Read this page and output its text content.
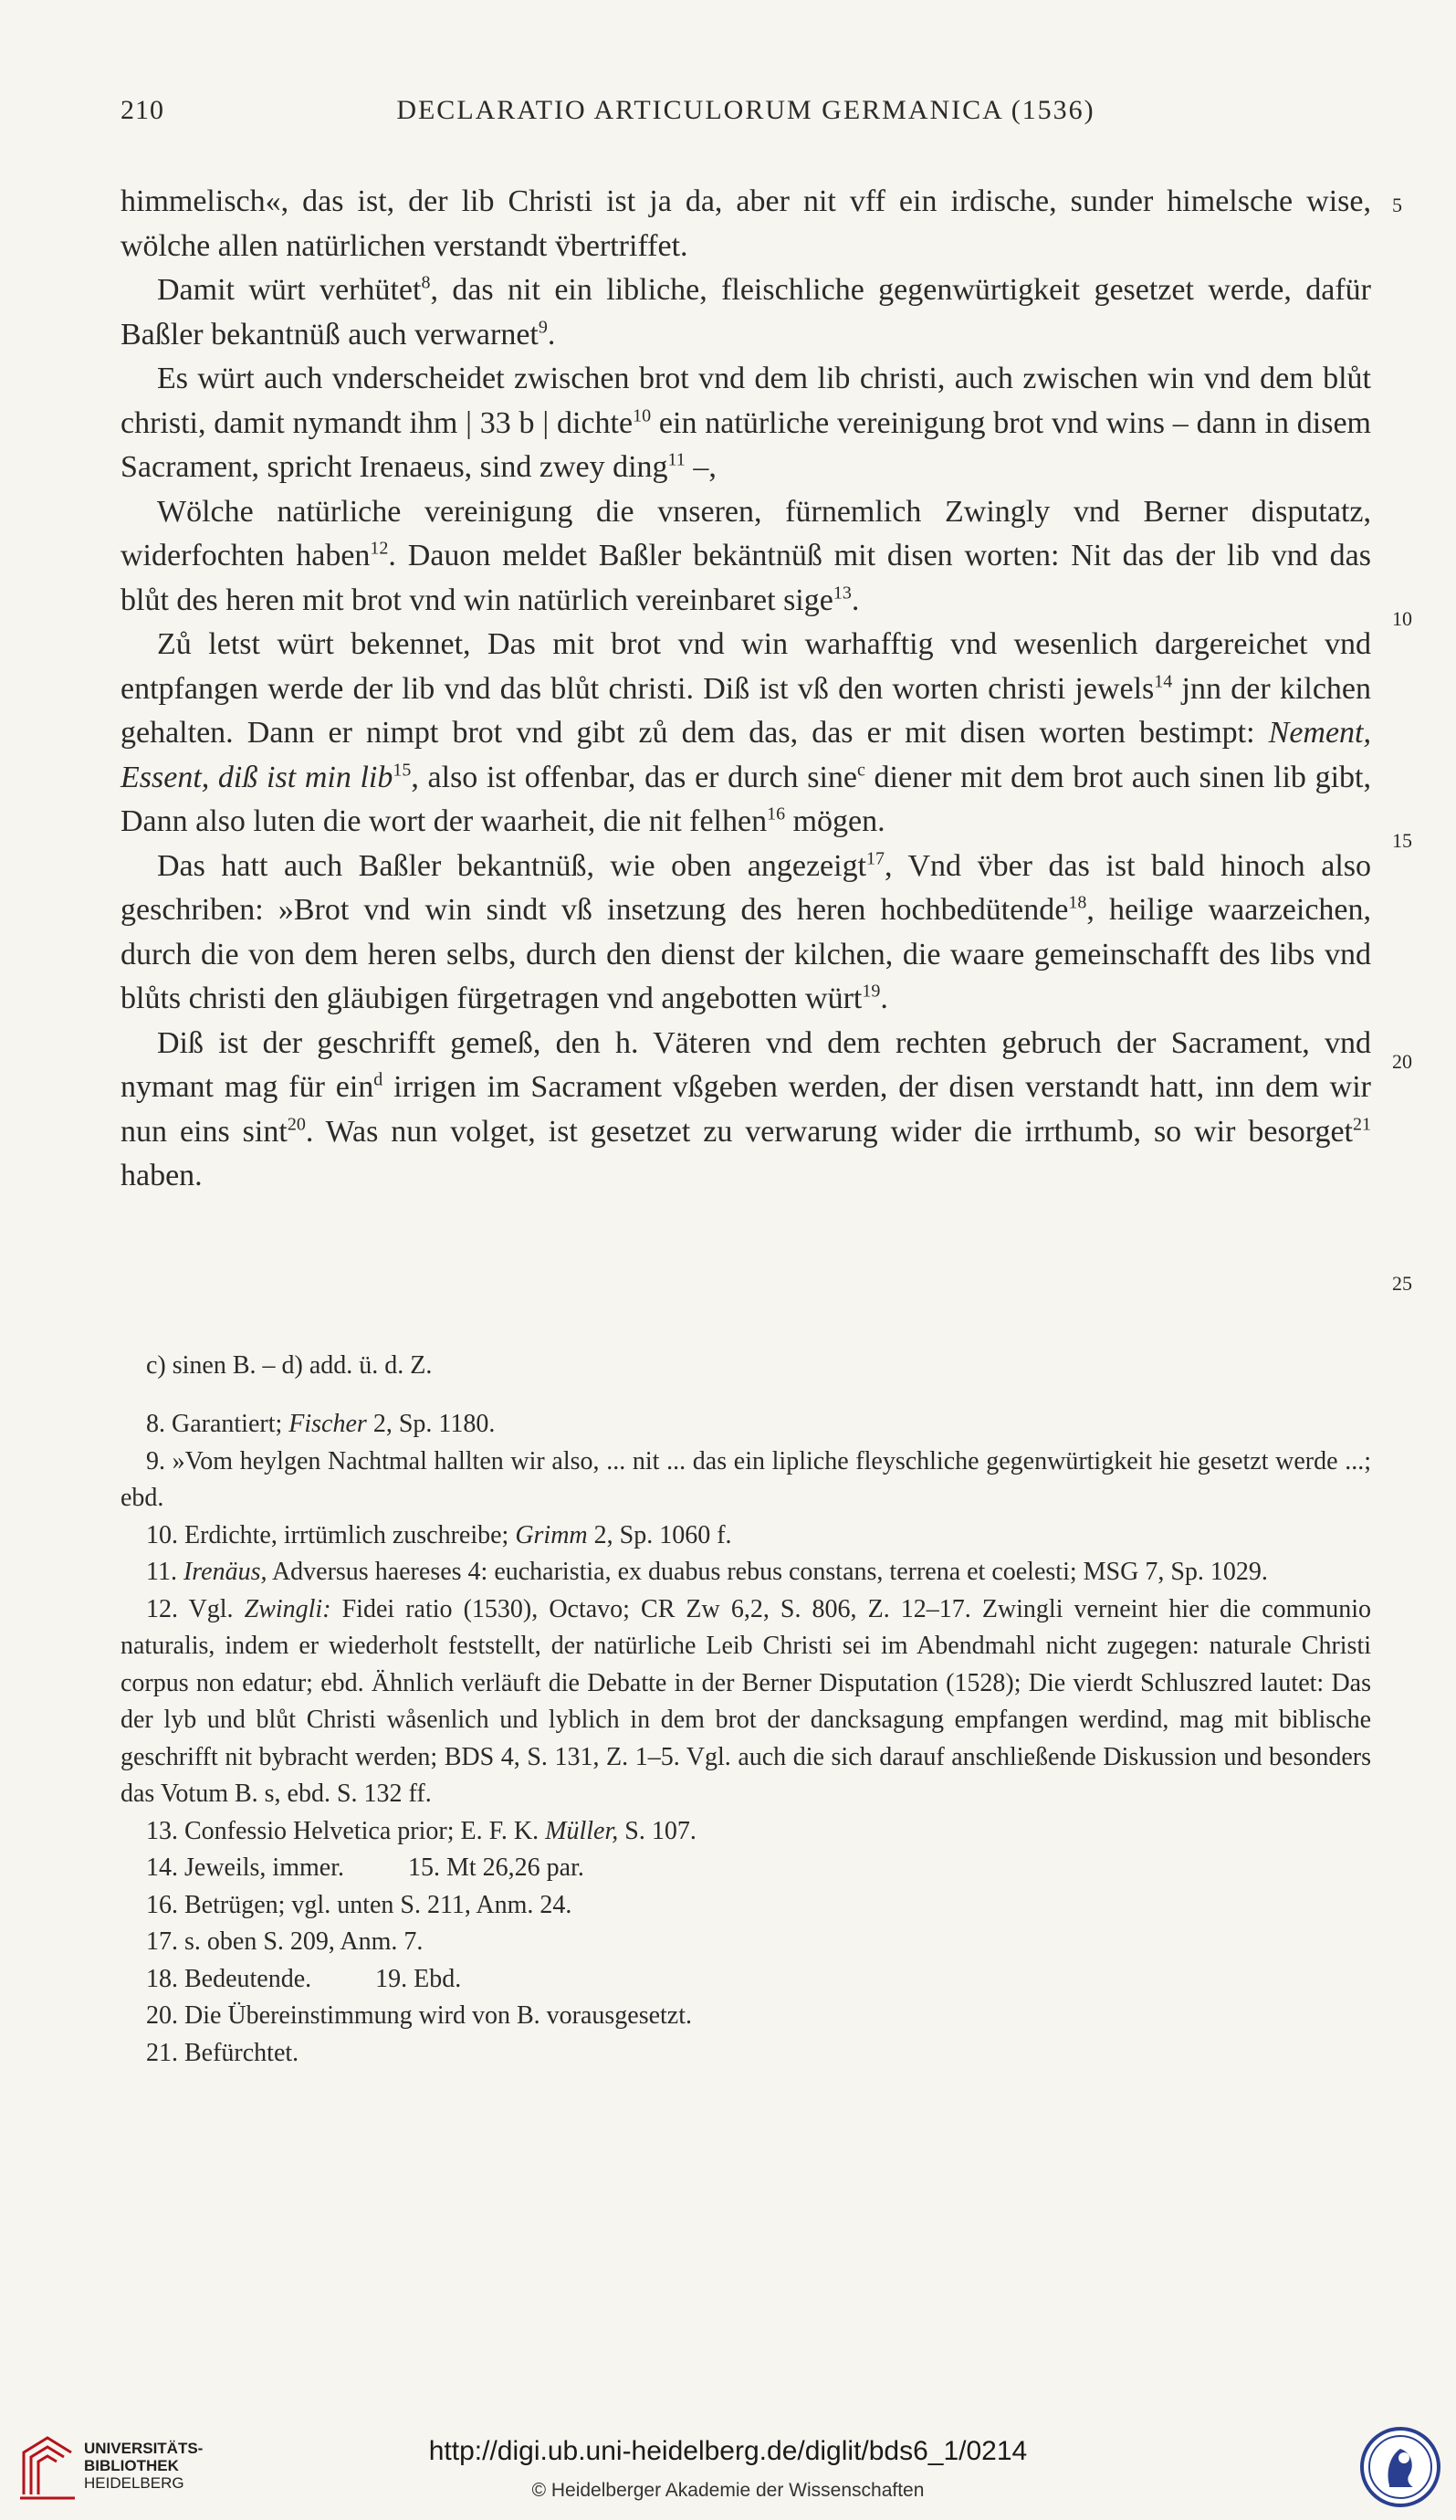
210	DECLARATIO ARTICULORUM GERMANICA (1536)
5
10
15
20
25

himmelisch«, das ist, der lib Christi ist ja da, aber nit vff ein irdische, sunder himelsche wise, wölche allen natürlichen verstandt v̈bertriffet.

Damit würt verhütet$^8$, das nit ein libliche, fleischliche gegenwürtigkeit gesetzet werde, dafür Baßler bekantnüß auch verwarnet$^9$.

Es würt auch vnderscheidet zwischen brot vnd dem lib christi, auch zwischen win vnd dem blůt christi, damit nymandt ihm | 33 b | dichte$^{10}$ ein natürliche vereinigung brot vnd wins – dann in disem Sacrament, spricht Irenaeus, sind zwey ding$^{11}$ –,

Wölche natürliche vereinigung die vnseren, fürnemlich Zwingly vnd Berner disputatz, widerfochten haben$^{12}$. Dauon meldet Baßler bekäntnüß mit disen worten: Nit das der lib vnd das blůt des heren mit brot vnd win natürlich vereinbaret sige$^{13}$.

Zů letst würt bekennet, Das mit brot vnd win warhafftig vnd wesenlich dargereichet vnd entpfangen werde der lib vnd das blůt christi. Diß ist vß den worten christi jewels$^{14}$ jnn der kilchen gehalten. Dann er nimpt brot vnd gibt zů dem das, das er mit disen worten bestimpt: Nement, Essent, diß ist min lib$^{15}$, also ist offenbar, das er durch sine$^c$ diener mit dem brot auch sinen lib gibt, Dann also luten die wort der waarheit, die nit felhen$^{16}$ mögen.

Das hatt auch Baßler bekantnüß, wie oben angezeigt$^{17}$, Vnd v̈ber das ist bald hinoch also geschriben: »Brot vnd win sindt vß insetzung des heren hochbedütende$^{18}$, heilige waarzeichen, durch die von dem heren selbs, durch den dienst der kilchen, die waare gemeinschafft des libs vnd blůts christi den gläubigen fürgetragen vnd angebotten würt$^{19}$.

Diß ist der geschrifft gemeß, den h. Väteren vnd dem rechten gebruch der Sacrament, vnd nymant mag für ein$^d$ irrigen im Sacrament vßgeben werden, der disen verstandt hatt, inn dem wir nun eins sint$^{20}$. Was nun volget, ist gesetzet zu verwarung wider die irrthumb, so wir besorget$^{21}$ haben.

c) sinen B. – d) add. ü. d. Z.

8. Garantiert; Fischer 2, Sp. 1180.

9. »Vom heylgen Nachtmal hallten wir also, ... nit ... das ein lipliche fleyschliche gegenwürtigkeit hie gesetzt werde ...; ebd.

10. Erdichte, irrtümlich zuschreibe; Grimm 2, Sp. 1060 f.

11. Irenäus, Adversus haereses 4: eucharistia, ex duabus rebus constans, terrena et coelesti; MSG 7, Sp. 1029.

12. Vgl. Zwingli: Fidei ratio (1530), Octavo; CR Zw 6,2, S. 806, Z. 12–17. Zwingli verneint hier die communio naturalis, indem er wiederholt feststellt, der natürliche Leib Christi sei im Abendmahl nicht zugegen: naturale Christi corpus non edatur; ebd. Ähnlich verläuft die Debatte in der Berner Disputation (1528); Die vierdt Schluszred lautet: Das der lyb und blůt Christi wåsenlich und lyblich in dem brot der dancksagung empfangen werdind, mag mit biblische geschrifft nit bybracht werden; BDS 4, S. 131, Z. 1–5. Vgl. auch die sich darauf anschließende Diskussion und besonders das Votum B. s, ebd. S. 132 ff.

13. Confessio Helvetica prior; E. F. K. Müller, S. 107.

14. Jeweils, immer.	15. Mt 26,26 par.

16. Betrügen; vgl. unten S. 211, Anm. 24.

17. s. oben S. 209, Anm. 7.

18. Bedeutende.	19. Ebd.

20. Die Übereinstimmung wird von B. vorausgesetzt.

21. Befürchtet.

UNIVERSITÄTS-
BIBLIOTHEK
HEIDELBERG
http://digi.ub.uni-heidelberg.de/diglit/bds6_1/0214
© Heidelberger Akademie der Wissenschaften
